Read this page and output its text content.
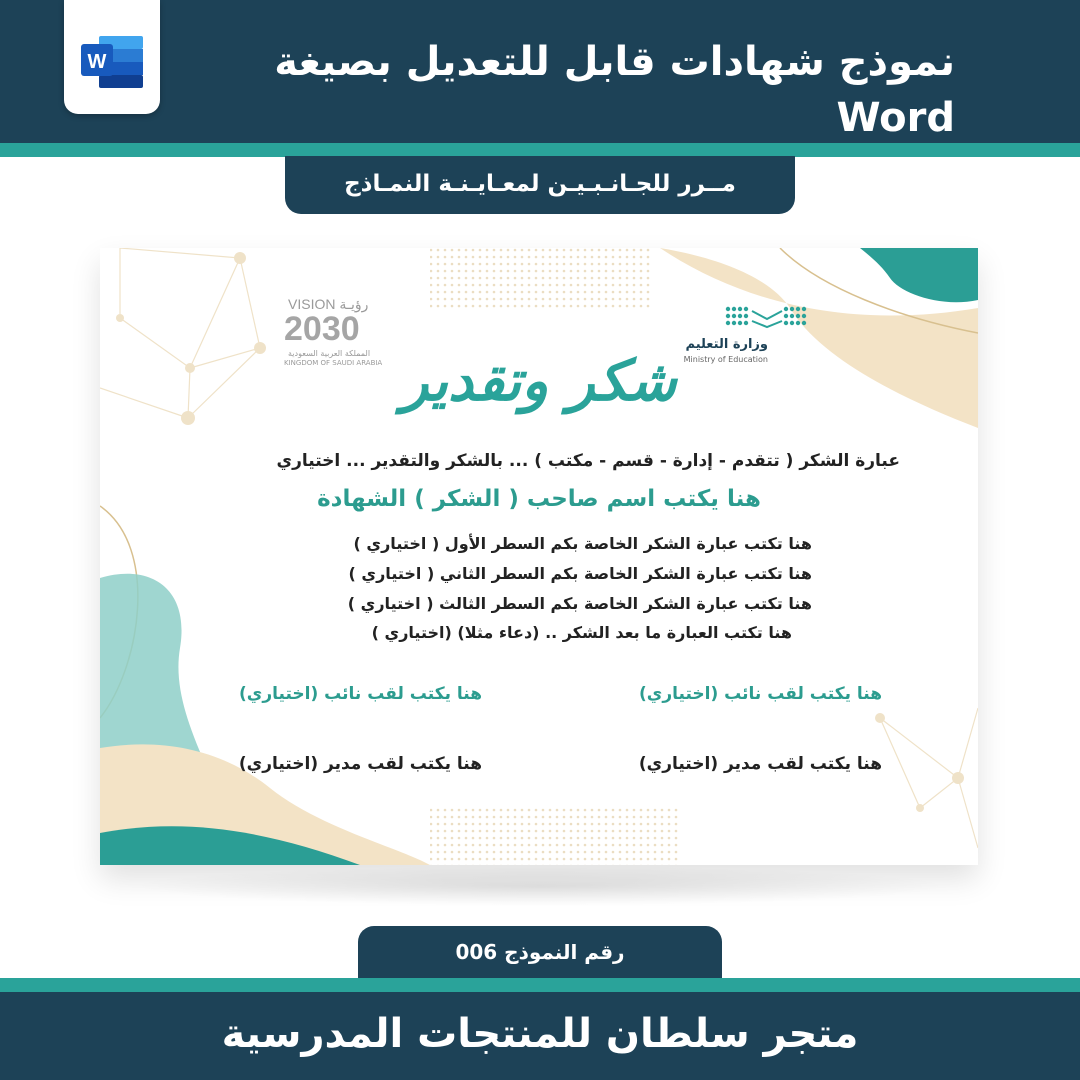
W	نموذج شهادات قابل للتعديل بصيغة Word
مــرر للجـانـبـيـن لمعـايـنـة النمـاذج
VISION رؤيـة
2030
المملكة العربية السعودية
KINGDOM OF SAUDI ARABIA
وزارة التعليم
Ministry of Education
شكر وتقدير
عبارة الشكر ( تتقدم - إدارة - قسم - مكتب ) ... بالشكر والتقدير ... اختياري
هنا يكتب اسم صاحب ( الشكر ) الشهادة
هنا تكتب عبارة الشكر الخاصة بكم السطر الأول ( اختياري )
هنا تكتب عبارة الشكر الخاصة بكم السطر الثاني ( اختياري )
هنا تكتب عبارة الشكر الخاصة بكم السطر الثالث ( اختياري )
هنا تكتب العبارة ما بعد الشكر .. (دعاء مثلا) (اختياري )
هنا يكتب لقب نائب (اختياري)
هنا يكتب لقب نائب (اختياري)
هنا يكتب لقب مدير (اختياري)
هنا يكتب لقب مدير (اختياري)
رقم النموذج 006
متجر سلطان للمنتجات المدرسية
